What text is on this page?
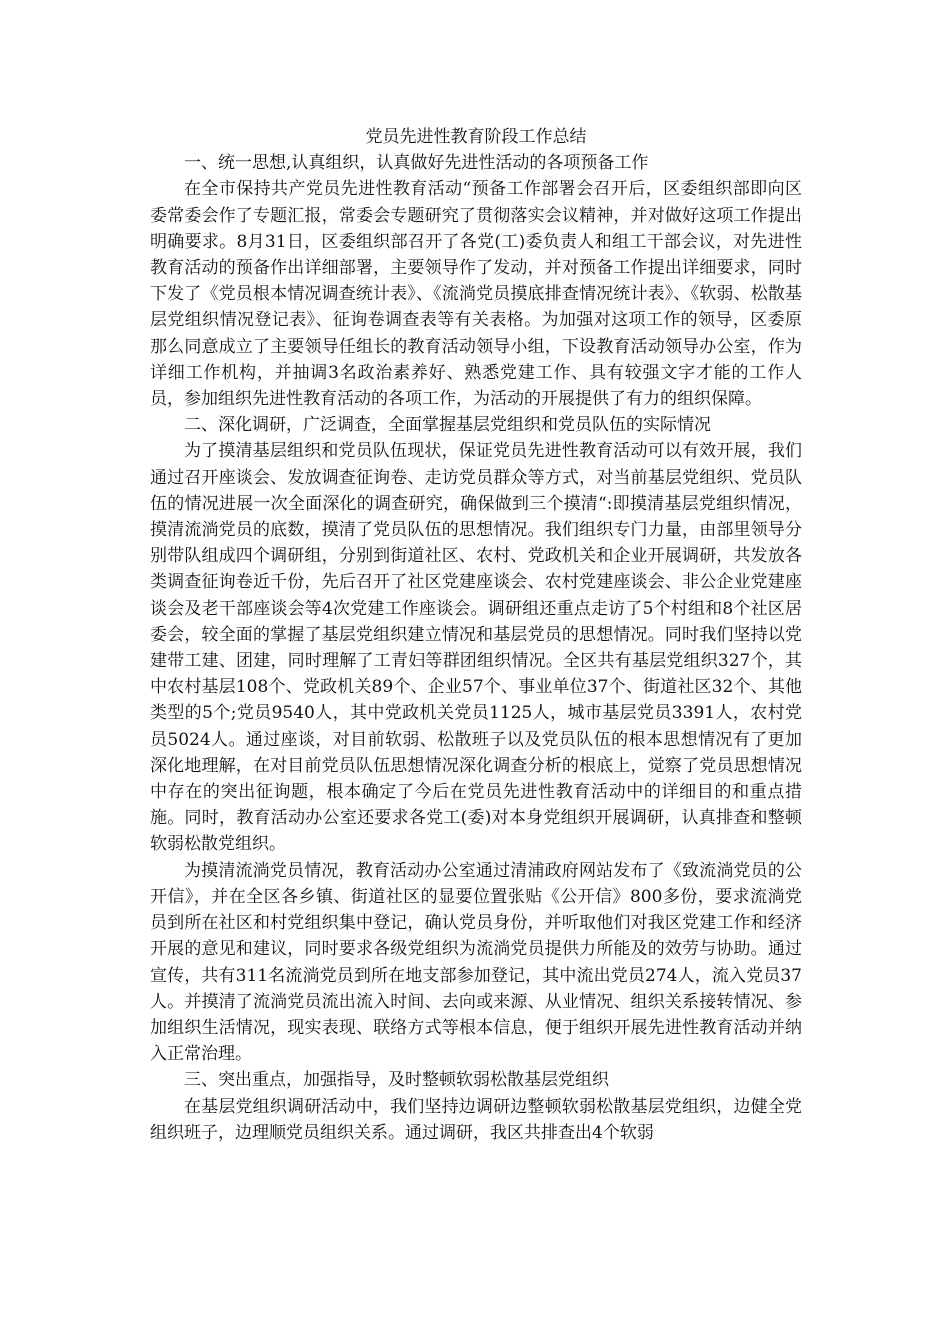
党员先进性教育阶段工作总结

一、统一思想,认真组织，认真做好先进性活动的各项预备工作

在全市保持共产党员先进性教育活动“预备工作部署会召开后，区委组织部即向区委常委会作了专题汇报，常委会专题研究了贯彻落实会议精神，并对做好这项工作提出明确要求。8月31日，区委组织部召开了各党(工)委负责人和组工干部会议，对先进性教育活动的预备作出详细部署，主要领导作了发动，并对预备工作提出详细要求，同时下发了《党员根本情况调查统计表》、《流淌党员摸底排查情况统计表》、《软弱、松散基层党组织情况登记表》、征询卷调查表等有关表格。为加强对这项工作的领导，区委原那么同意成立了主要领导任组长的教育活动领导小组，下设教育活动领导办公室，作为详细工作机构，并抽调3名政治素养好、熟悉党建工作、具有较强文字才能的工作人员，参加组织先进性教育活动的各项工作，为活动的开展提供了有力的组织保障。

二、深化调研，广泛调查，全面掌握基层党组织和党员队伍的实际情况

为了摸清基层组织和党员队伍现状，保证党员先进性教育活动可以有效开展，我们通过召开座谈会、发放调查征询卷、走访党员群众等方式，对当前基层党组织、党员队伍的情况进展一次全面深化的调查研究，确保做到三个摸清“:即摸清基层党组织情况，摸清流淌党员的底数，摸清了党员队伍的思想情况。我们组织专门力量，由部里领导分别带队组成四个调研组，分别到街道社区、农村、党政机关和企业开展调研，共发放各类调查征询卷近千份，先后召开了社区党建座谈会、农村党建座谈会、非公企业党建座谈会及老干部座谈会等4次党建工作座谈会。调研组还重点走访了5个村组和8个社区居委会，较全面的掌握了基层党组织建立情况和基层党员的思想情况。同时我们坚持以党建带工建、团建，同时理解了工青妇等群团组织情况。全区共有基层党组织327个，其中农村基层108个、党政机关89个、企业57个、事业单位37个、街道社区32个、其他类型的5个;党员9540人，其中党政机关党员1125人，城市基层党员3391人，农村党员5024人。通过座谈，对目前软弱、松散班子以及党员队伍的根本思想情况有了更加深化地理解，在对目前党员队伍思想情况深化调查分析的根底上，觉察了党员思想情况中存在的突出征询题，根本确定了今后在党员先进性教育活动中的详细目的和重点措施。同时，教育活动办公室还要求各党工(委)对本身党组织开展调研，认真排查和整顿软弱松散党组织。

为摸清流淌党员情况，教育活动办公室通过清浦政府网站发布了《致流淌党员的公开信》，并在全区各乡镇、街道社区的显要位置张贴《公开信》800多份，要求流淌党员到所在社区和村党组织集中登记，确认党员身份，并听取他们对我区党建工作和经济开展的意见和建议，同时要求各级党组织为流淌党员提供力所能及的效劳与协助。通过宣传，共有311名流淌党员到所在地支部参加登记，其中流出党员274人，流入党员37人。并摸清了流淌党员流出流入时间、去向或来源、从业情况、组织关系接转情况、参加组织生活情况，现实表现、联络方式等根本信息，便于组织开展先进性教育活动并纳入正常治理。

三、突出重点，加强指导，及时整顿软弱松散基层党组织

在基层党组织调研活动中，我们坚持边调研边整顿软弱松散基层党组织，边健全党组织班子，边理顺党员组织关系。通过调研，我区共排查出4个软弱
